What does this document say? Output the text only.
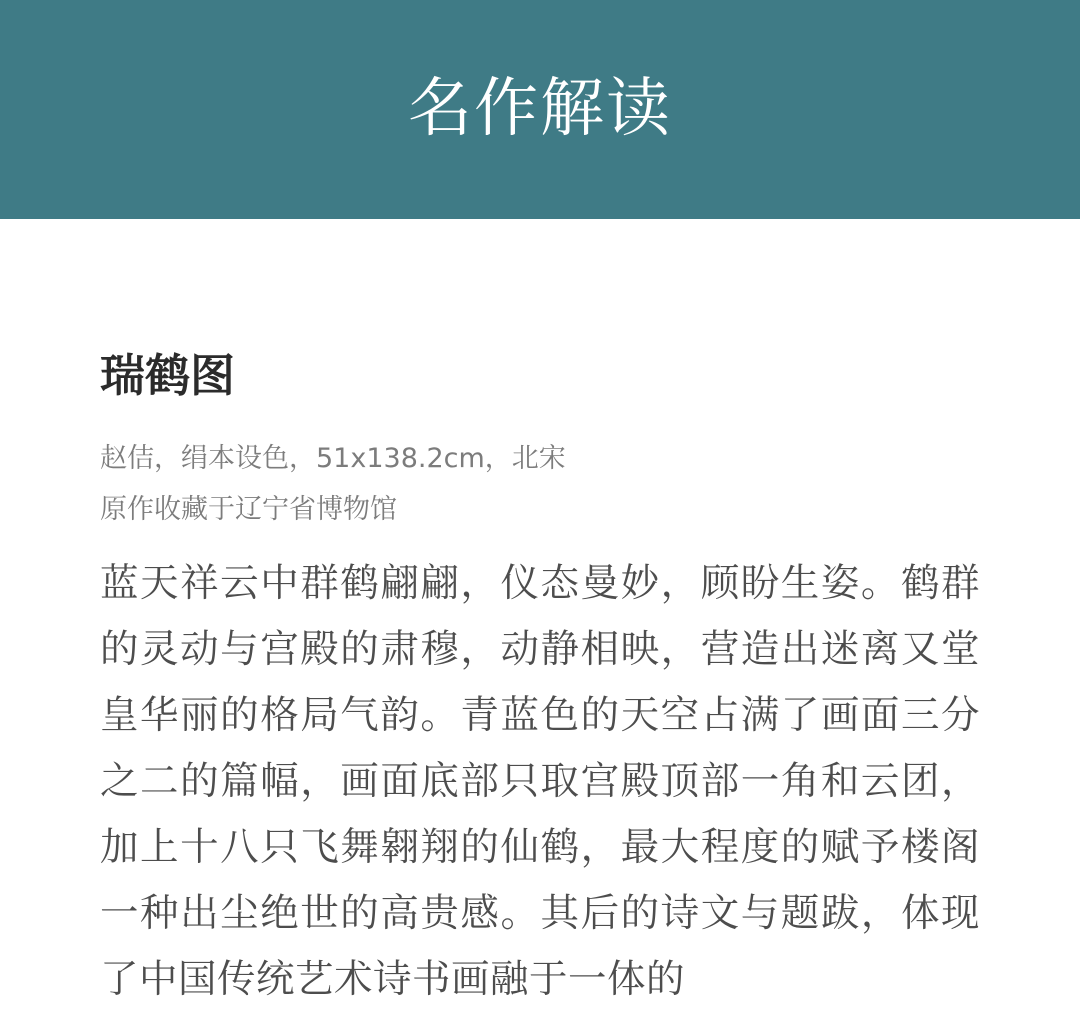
名作解读
瑞鹤图
赵佶，绢本设色，51x138.2cm，北宋
原作收藏于辽宁省博物馆
蓝天祥云中群鹤翩翩，仪态曼妙，顾盼生姿。鹤群的灵动与宫殿的肃穆，动静相映，营造出迷离又堂皇华丽的格局气韵。青蓝色的天空占满了画面三分之二的篇幅，画面底部只取宫殿顶部一角和云团，加上十八只飞舞翱翔的仙鹤，最大程度的赋予楼阁一种出尘绝世的高贵感。其后的诗文与题跋，体现了中国传统艺术诗书画融于一体的
